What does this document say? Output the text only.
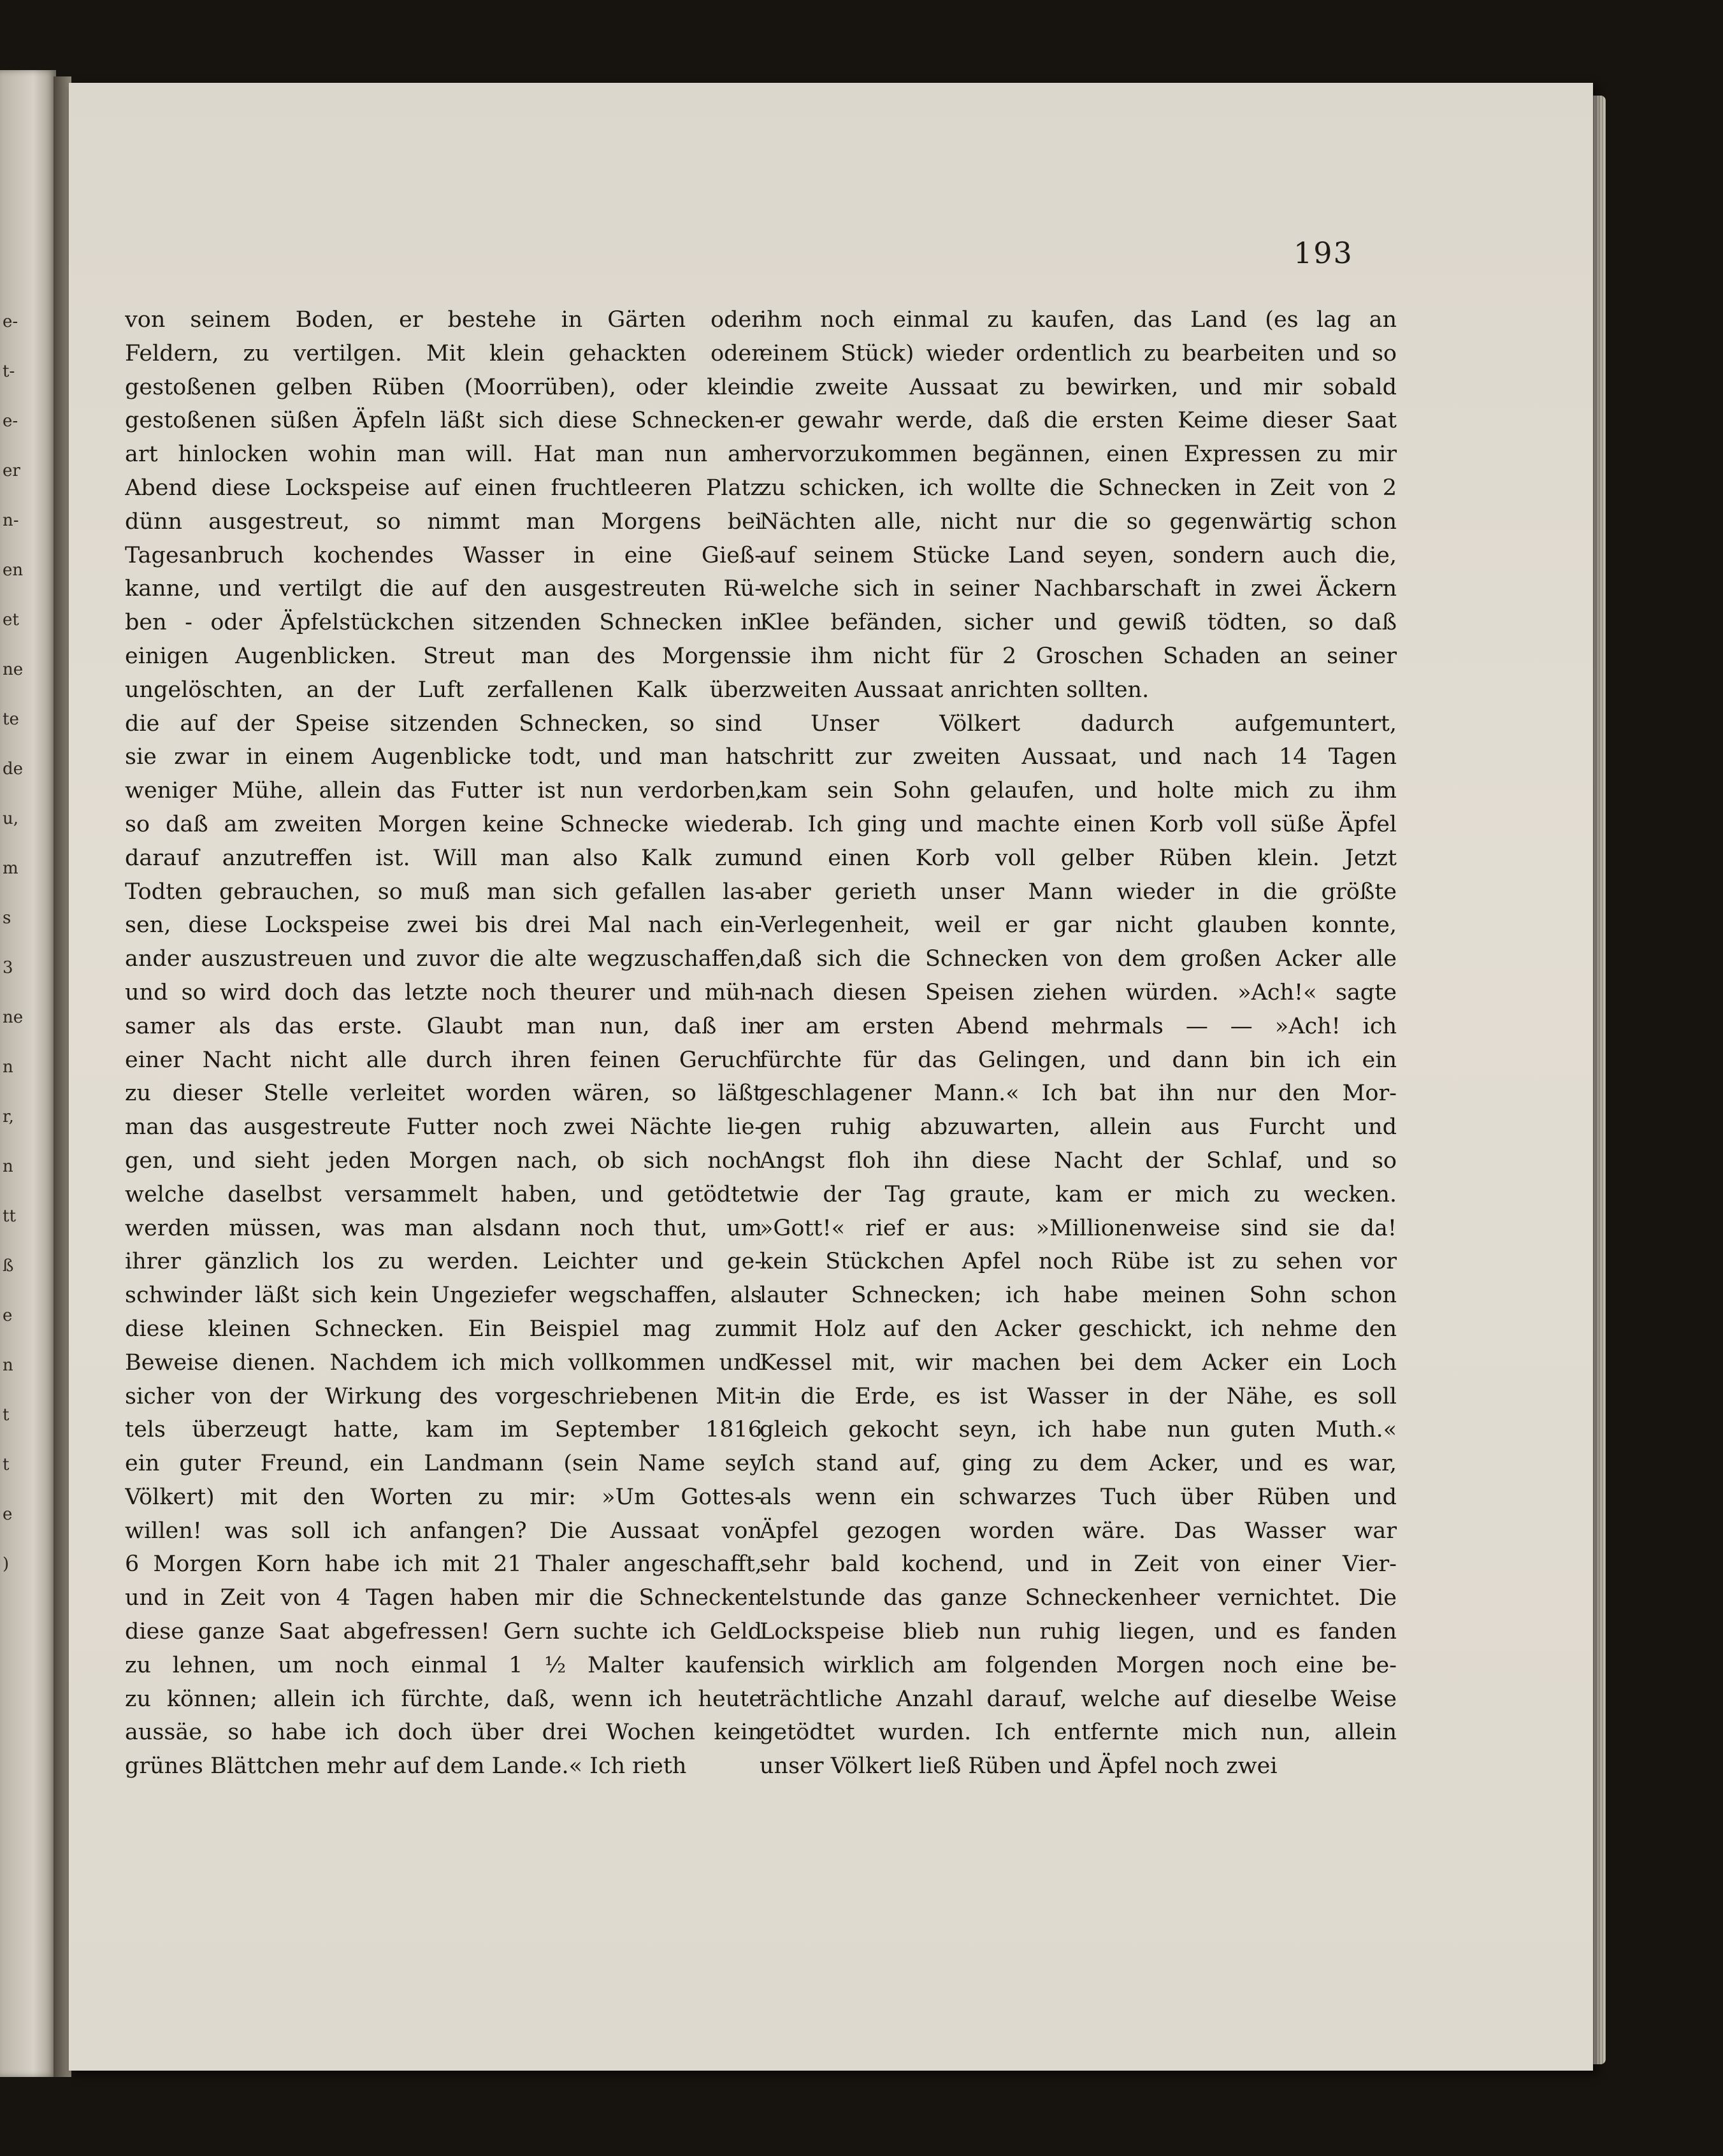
e-
t-
e-
er
n-
en
et
ne
te
de
u,
m
s
3
ne
n
r,
n
tt
ß
e
n
t
t
e
)
193
von seinem Boden, er bestehe in Gärten oder
Feldern, zu vertilgen. Mit klein gehackten oder
gestoßenen gelben Rüben (Moorrüben), oder klein
gestoßenen süßen Äpfeln läßt sich diese Schnecken-
art hinlocken wohin man will. Hat man nun am
Abend diese Lockspeise auf einen fruchtleeren Platz
dünn ausgestreut, so nimmt man Morgens bei
Tagesanbruch kochendes Wasser in eine Gieß-
kanne, und vertilgt die auf den ausgestreuten Rü-
ben - oder Äpfelstückchen sitzenden Schnecken in
einigen Augenblicken. Streut man des Morgens
ungelöschten, an der Luft zerfallenen Kalk über
die auf der Speise sitzenden Schnecken, so sind
sie zwar in einem Augenblicke todt, und man hat
weniger Mühe, allein das Futter ist nun verdorben,
so daß am zweiten Morgen keine Schnecke wieder
darauf anzutreffen ist. Will man also Kalk zum
Todten gebrauchen, so muß man sich gefallen las-
sen, diese Lockspeise zwei bis drei Mal nach ein-
ander auszustreuen und zuvor die alte wegzuschaffen,
und so wird doch das letzte noch theurer und müh-
samer als das erste. Glaubt man nun, daß in
einer Nacht nicht alle durch ihren feinen Geruch
zu dieser Stelle verleitet worden wären, so läßt
man das ausgestreute Futter noch zwei Nächte lie-
gen, und sieht jeden Morgen nach, ob sich noch
welche daselbst versammelt haben, und getödtet
werden müssen, was man alsdann noch thut, um
ihrer gänzlich los zu werden. Leichter und ge-
schwinder läßt sich kein Ungeziefer wegschaffen, als
diese kleinen Schnecken. Ein Beispiel mag zum
Beweise dienen. Nachdem ich mich vollkommen und
sicher von der Wirkung des vorgeschriebenen Mit-
tels überzeugt hatte, kam im September 1816
ein guter Freund, ein Landmann (sein Name sey
Völkert) mit den Worten zu mir: »Um Gottes-
willen! was soll ich anfangen? Die Aussaat von
6 Morgen Korn habe ich mit 21 Thaler angeschafft,
und in Zeit von 4 Tagen haben mir die Schnecken
diese ganze Saat abgefressen! Gern suchte ich Geld
zu lehnen, um noch einmal 1 ½ Malter kaufen
zu können; allein ich fürchte, daß, wenn ich heute
aussäe, so habe ich doch über drei Wochen kein
grünes Blättchen mehr auf dem Lande.« Ich rieth
ihm noch einmal zu kaufen, das Land (es lag an
einem Stück) wieder ordentlich zu bearbeiten und so
die zweite Aussaat zu bewirken, und mir sobald
er gewahr werde, daß die ersten Keime dieser Saat
hervorzukommen begännen, einen Expressen zu mir
zu schicken, ich wollte die Schnecken in Zeit von 2
Nächten alle, nicht nur die so gegenwärtig schon
auf seinem Stücke Land seyen, sondern auch die,
welche sich in seiner Nachbarschaft in zwei Äckern
Klee befänden, sicher und gewiß tödten, so daß
sie ihm nicht für 2 Groschen Schaden an seiner
zweiten Aussaat anrichten sollten.
Unser Völkert dadurch aufgemuntert,
schritt zur zweiten Aussaat, und nach 14 Tagen
kam sein Sohn gelaufen, und holte mich zu ihm
ab. Ich ging und machte einen Korb voll süße Äpfel
und einen Korb voll gelber Rüben klein. Jetzt
aber gerieth unser Mann wieder in die größte
Verlegenheit, weil er gar nicht glauben konnte,
daß sich die Schnecken von dem großen Acker alle
nach diesen Speisen ziehen würden. »Ach!« sagte
er am ersten Abend mehrmals — — »Ach! ich
fürchte für das Gelingen, und dann bin ich ein
geschlagener Mann.« Ich bat ihn nur den Mor-
gen ruhig abzuwarten, allein aus Furcht und
Angst floh ihn diese Nacht der Schlaf, und so
wie der Tag graute, kam er mich zu wecken.
»Gott!« rief er aus: »Millionenweise sind sie da!
kein Stückchen Apfel noch Rübe ist zu sehen vor
lauter Schnecken; ich habe meinen Sohn schon
mit Holz auf den Acker geschickt, ich nehme den
Kessel mit, wir machen bei dem Acker ein Loch
in die Erde, es ist Wasser in der Nähe, es soll
gleich gekocht seyn, ich habe nun guten Muth.«
Ich stand auf, ging zu dem Acker, und es war,
als wenn ein schwarzes Tuch über Rüben und
Äpfel gezogen worden wäre. Das Wasser war
sehr bald kochend, und in Zeit von einer Vier-
telstunde das ganze Schneckenheer vernichtet. Die
Lockspeise blieb nun ruhig liegen, und es fanden
sich wirklich am folgenden Morgen noch eine be-
trächtliche Anzahl darauf, welche auf dieselbe Weise
getödtet wurden. Ich entfernte mich nun, allein
unser Völkert ließ Rüben und Äpfel noch zwei
